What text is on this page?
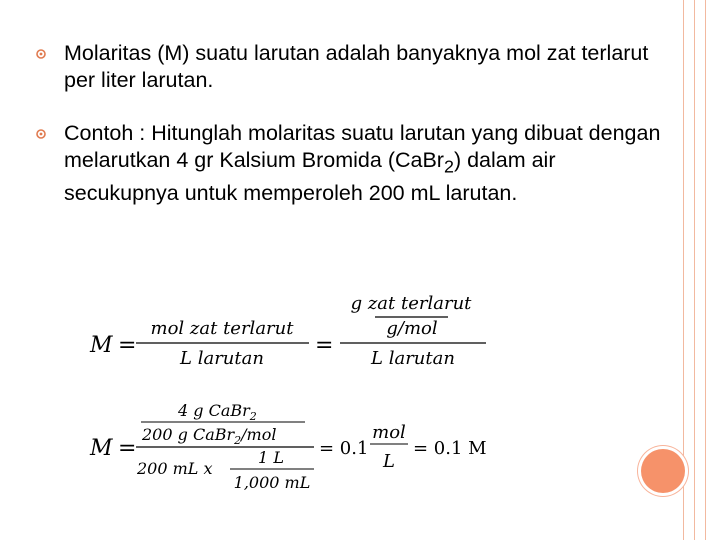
Molaritas (M) suatu larutan adalah banyaknya mol zat terlarut per liter larutan.
Contoh : Hitunglah molaritas suatu larutan yang dibuat dengan melarutkan 4 gr Kalsium Bromida (CaBr$_2$) dalam air secukupnya untuk memperoleh 200 mL larutan.
M =
mol zat terlarut
L larutan
=
g zat terlarut
g/mol
L larutan
M =
4 g CaBr$_2$
200 g CaBr$_2$/mol
200 mL x
1 L
1,000 mL
= 0.1
mol
L
= 0.1 M
